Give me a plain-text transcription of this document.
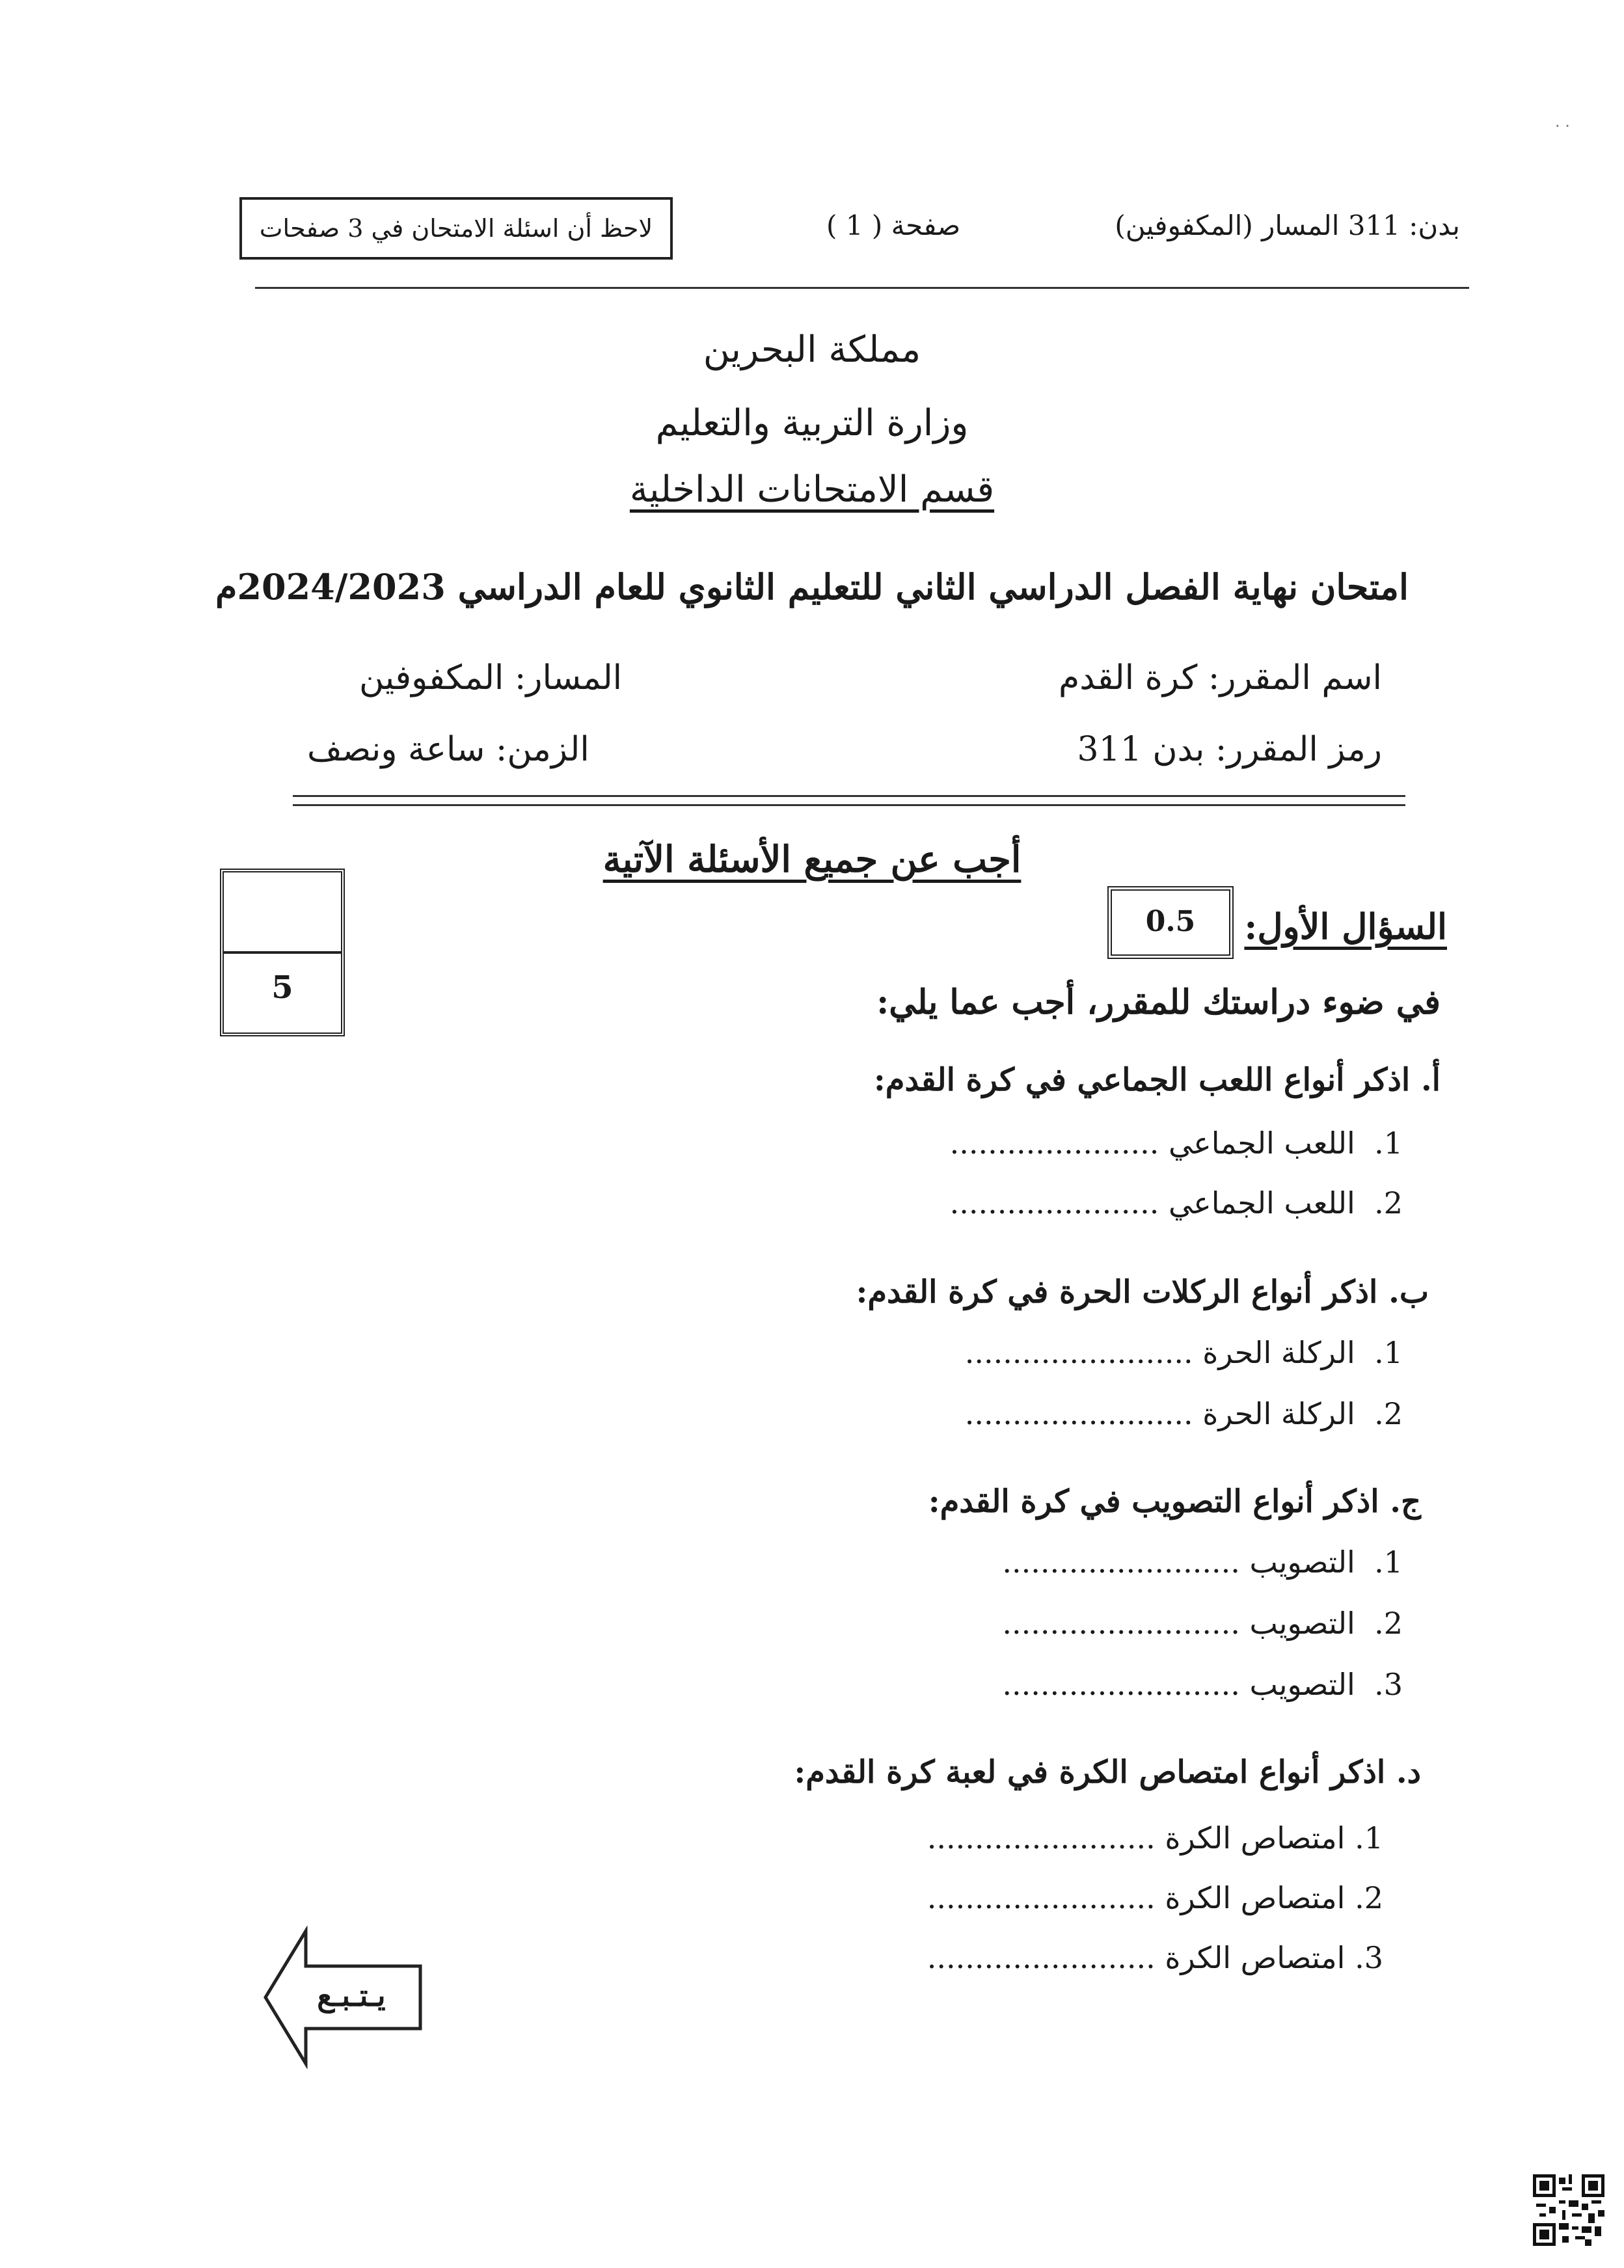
بدن: 311 المسار (المكفوفين)
صفحة ( 1 )
لاحظ أن اسئلة الامتحان في 3 صفحات
· ·
مملكة البحرين
وزارة التربية والتعليم
قسم الامتحانات الداخلية
امتحان نهاية الفصل الدراسي الثاني للتعليم الثانوي للعام الدراسي 2024/2023م
اسم المقرر: كرة القدم
رمز المقرر: بدن 311
المسار: المكفوفين
الزمن: ساعة ونصف
أجب عن جميع الأسئلة الآتية
5
السؤال الأول:
0.5
في ضوء دراستك للمقرر، أجب عما يلي:
أ. اذكر أنواع اللعب الجماعي في كرة القدم:
1.  اللعب الجماعي ......................
2.  اللعب الجماعي ......................
ب. اذكر أنواع الركلات الحرة في كرة القدم:
1.  الركلة الحرة ........................
2.  الركلة الحرة ........................
ج. اذكر أنواع التصويب في كرة القدم:
1.  التصويب .........................
2.  التصويب .........................
3.  التصويب .........................
د. اذكر أنواع امتصاص الكرة في لعبة كرة القدم:
1. امتصاص الكرة ........................
2. امتصاص الكرة ........................
3. امتصاص الكرة ........................
يـتـبـع
